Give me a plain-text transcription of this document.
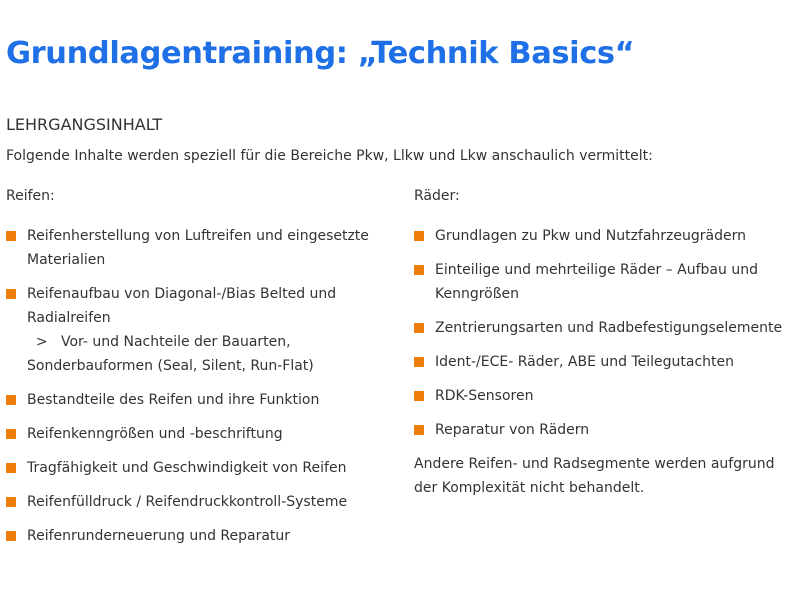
Grundlagentraining: „Technik Basics“
LEHRGANGSINHALT

Folgende Inhalte werden speziell für die Bereiche Pkw, Llkw und Lkw anschaulich vermittelt:

Reifen:
Reifenherstellung von Luftreifen und eingesetzte Materialien
Reifenaufbau von Diagonal-/Bias Belted und Radialreifen
>   Vor- und Nachteile der Bauarten,
Sonderbauformen (Seal, Silent, Run-Flat)
Bestandteile des Reifen und ihre Funktion
Reifenkenngrößen und -beschriftung
Tragfähigkeit und Geschwindigkeit von Reifen
Reifenfülldruck / Reifendruckkontroll-Systeme
Reifenrunderneuerung und Reparatur
Räder:
Grundlagen zu Pkw und Nutzfahrzeugrädern
Einteilige und mehrteilige Räder – Aufbau und Kenngrößen
Zentrierungsarten und Radbefestigungselemente
Ident-/ECE- Räder, ABE und Teilegutachten
RDK-Sensoren
Reparatur von Rädern

Andere Reifen- und Radsegmente werden aufgrund der Komplexität nicht behandelt.
